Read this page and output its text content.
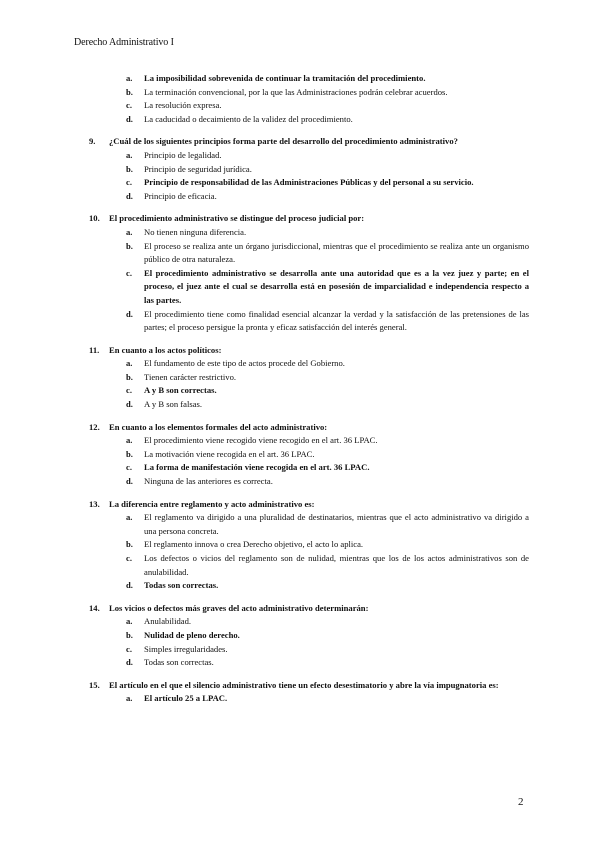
Derecho Administrativo I
a. La imposibilidad sobrevenida de continuar la tramitación del procedimiento.
b. La terminación convencional, por la que las Administraciones podrán celebrar acuerdos.
c. La resolución expresa.
d. La caducidad o decaimiento de la validez del procedimiento.
9. ¿Cuál de los siguientes principios forma parte del desarrollo del procedimiento administrativo?
a. Principio de legalidad.
b. Principio de seguridad jurídica.
c. Principio de responsabilidad de las Administraciones Públicas y del personal a su servicio.
d. Principio de eficacia.
10. El procedimiento administrativo se distingue del proceso judicial por:
a. No tienen ninguna diferencia.
b. El proceso se realiza ante un órgano jurisdiccional, mientras que el procedimiento se realiza ante un organismo público de otra naturaleza.
c. El procedimiento administrativo se desarrolla ante una autoridad que es a la vez juez y parte; en el proceso, el juez ante el cual se desarrolla está en posesión de imparcialidad e independencia respecto a las partes.
d. El procedimiento tiene como finalidad esencial alcanzar la verdad y la satisfacción de las pretensiones de las partes; el proceso persigue la pronta y eficaz satisfacción del interés general.
11. En cuanto a los actos políticos:
a. El fundamento de este tipo de actos procede del Gobierno.
b. Tienen carácter restrictivo.
c. A y B son correctas.
d. A y B son falsas.
12. En cuanto a los elementos formales del acto administrativo:
a. El procedimiento viene recogido viene recogido en el art. 36 LPAC.
b. La motivación viene recogida en el art. 36 LPAC.
c. La forma de manifestación viene recogida en el art. 36 LPAC.
d. Ninguna de las anteriores es correcta.
13. La diferencia entre reglamento y acto administrativo es:
a. El reglamento va dirigido a una pluralidad de destinatarios, mientras que el acto administrativo va dirigido a una persona concreta.
b. El reglamento innova o crea Derecho objetivo, el acto lo aplica.
c. Los defectos o vicios del reglamento son de nulidad, mientras que los de los actos administrativos son de anulabilidad.
d. Todas son correctas.
14. Los vicios o defectos más graves del acto administrativo determinarán:
a. Anulabilidad.
b. Nulidad de pleno derecho.
c. Simples irregularidades.
d. Todas son correctas.
15. El artículo en el que el silencio administrativo tiene un efecto desestimatorio y abre la vía impugnatoria es:
a. El artículo 25 a LPAC.
2
